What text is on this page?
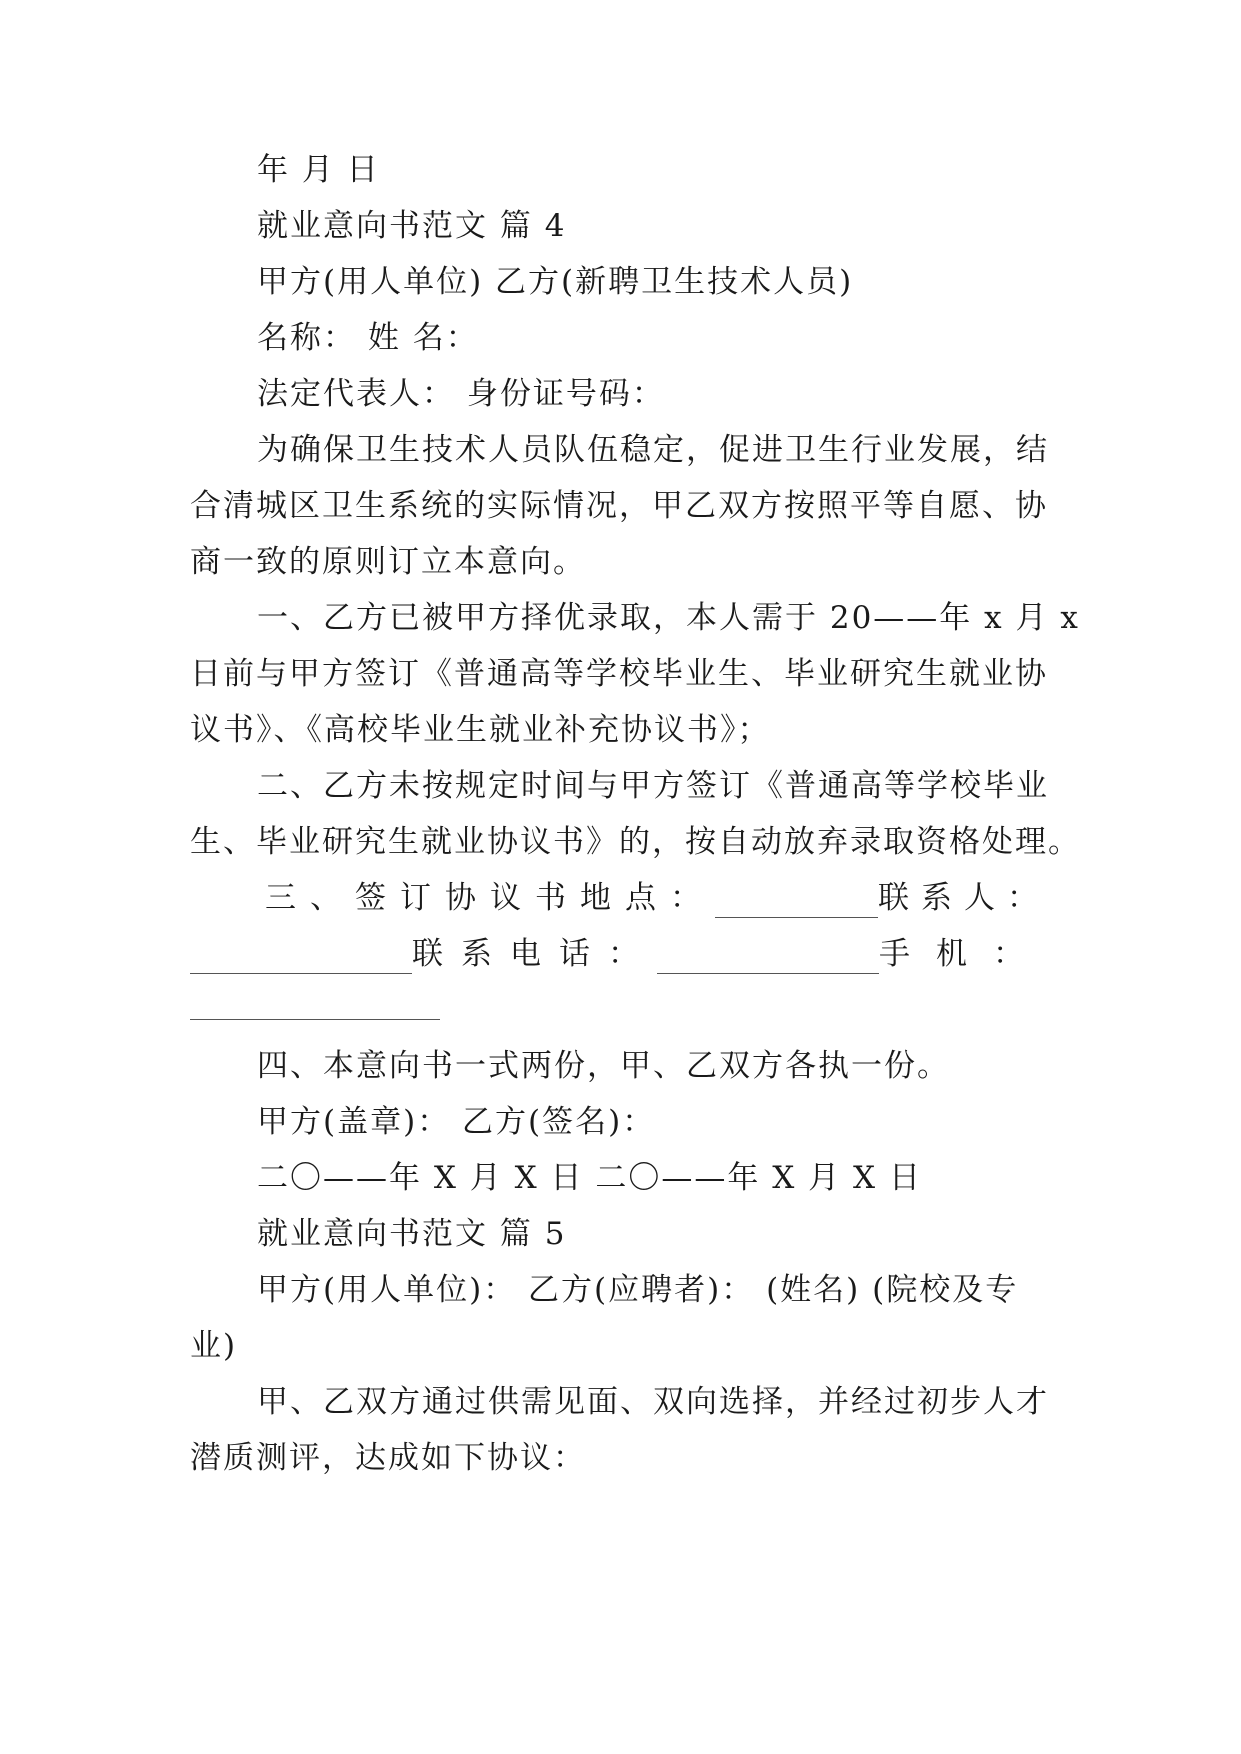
年 月 日
就业意向书范文 篇 4
甲方(用人单位) 乙方(新聘卫生技术人员)
名称： 姓 名：
法定代表人： 身份证号码：
为确保卫生技术人员队伍稳定，促进卫生行业发展，结
合清城区卫生系统的实际情况，甲乙双方按照平等自愿、协
商一致的原则订立本意向。
一、乙方已被甲方择优录取，本人需于 20——年 x 月 x
日前与甲方签订《普通高等学校毕业生、毕业研究生就业协
议书》、《高校毕业生就业补充协议书》；
二、乙方未按规定时间与甲方签订《普通高等学校毕业
生、毕业研究生就业协议书》的，按自动放弃录取资格处理。
三、签订协议书地点：	联系人：
联系电话：	手机：
四、本意向书一式两份，甲、乙双方各执一份。
甲方(盖章)： 乙方(签名)：
二〇——年 X 月 X 日 二〇——年 X 月 X 日
就业意向书范文 篇 5
甲方(用人单位)： 乙方(应聘者)： (姓名) (院校及专
业)
甲、乙双方通过供需见面、双向选择，并经过初步人才
潜质测评，达成如下协议：
